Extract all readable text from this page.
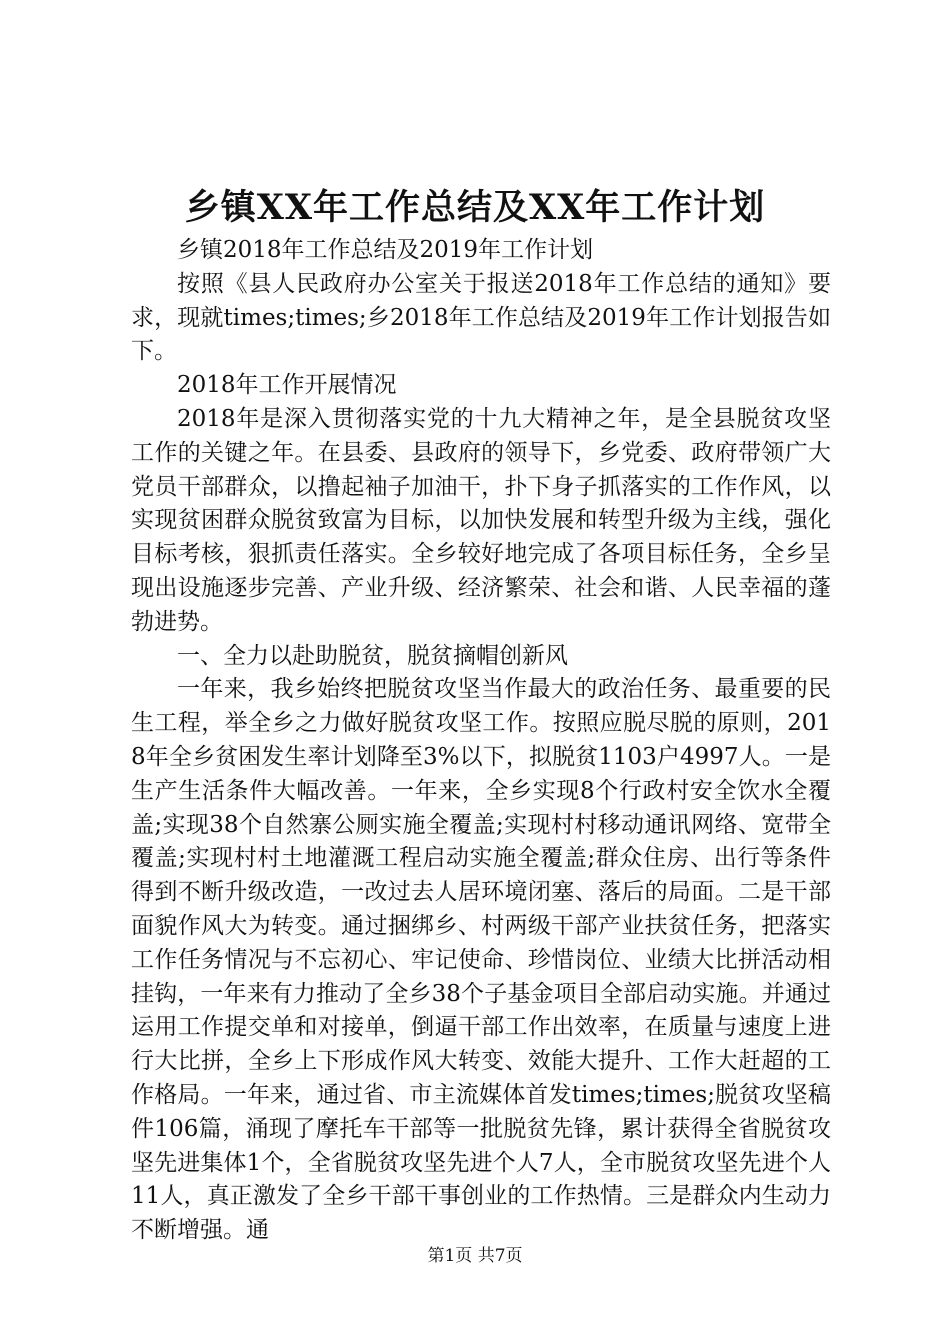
乡镇XX年工作总结及XX年工作计划

乡镇2018年工作总结及2019年工作计划

按照《县人民政府办公室关于报送2018年工作总结的通知》要求，现就times;times;乡2018年工作总结及2019年工作计划报告如下。

2018年工作开展情况

2018年是深入贯彻落实党的十九大精神之年，是全县脱贫攻坚工作的关键之年。在县委、县政府的领导下，乡党委、政府带领广大党员干部群众，以撸起袖子加油干，扑下身子抓落实的工作作风，以实现贫困群众脱贫致富为目标，以加快发展和转型升级为主线，强化目标考核，狠抓责任落实。全乡较好地完成了各项目标任务，全乡呈现出设施逐步完善、产业升级、经济繁荣、社会和谐、人民幸福的蓬勃进势。

一、全力以赴助脱贫，脱贫摘帽创新风

一年来，我乡始终把脱贫攻坚当作最大的政治任务、最重要的民生工程，举全乡之力做好脱贫攻坚工作。按照应脱尽脱的原则，2018年全乡贫困发生率计划降至3%以下，拟脱贫1103户4997人。一是生产生活条件大幅改善。一年来，全乡实现8个行政村安全饮水全覆盖;实现38个自然寨公厕实施全覆盖;实现村村移动通讯网络、宽带全覆盖;实现村村土地灌溉工程启动实施全覆盖;群众住房、出行等条件得到不断升级改造，一改过去人居环境闭塞、落后的局面。二是干部面貌作风大为转变。通过捆绑乡、村两级干部产业扶贫任务，把落实工作任务情况与不忘初心、牢记使命、珍惜岗位、业绩大比拼活动相挂钩，一年来有力推动了全乡38个子基金项目全部启动实施。并通过运用工作提交单和对接单，倒逼干部工作出效率，在质量与速度上进行大比拼，全乡上下形成作风大转变、效能大提升、工作大赶超的工作格局。一年来，通过省、市主流媒体首发times;times;脱贫攻坚稿件106篇，涌现了摩托车干部等一批脱贫先锋，累计获得全省脱贫攻坚先进集体1个，全省脱贫攻坚先进个人7人，全市脱贫攻坚先进个人11人，真正激发了全乡干部干事创业的工作热情。三是群众内生动力不断增强。通

第1页 共7页
